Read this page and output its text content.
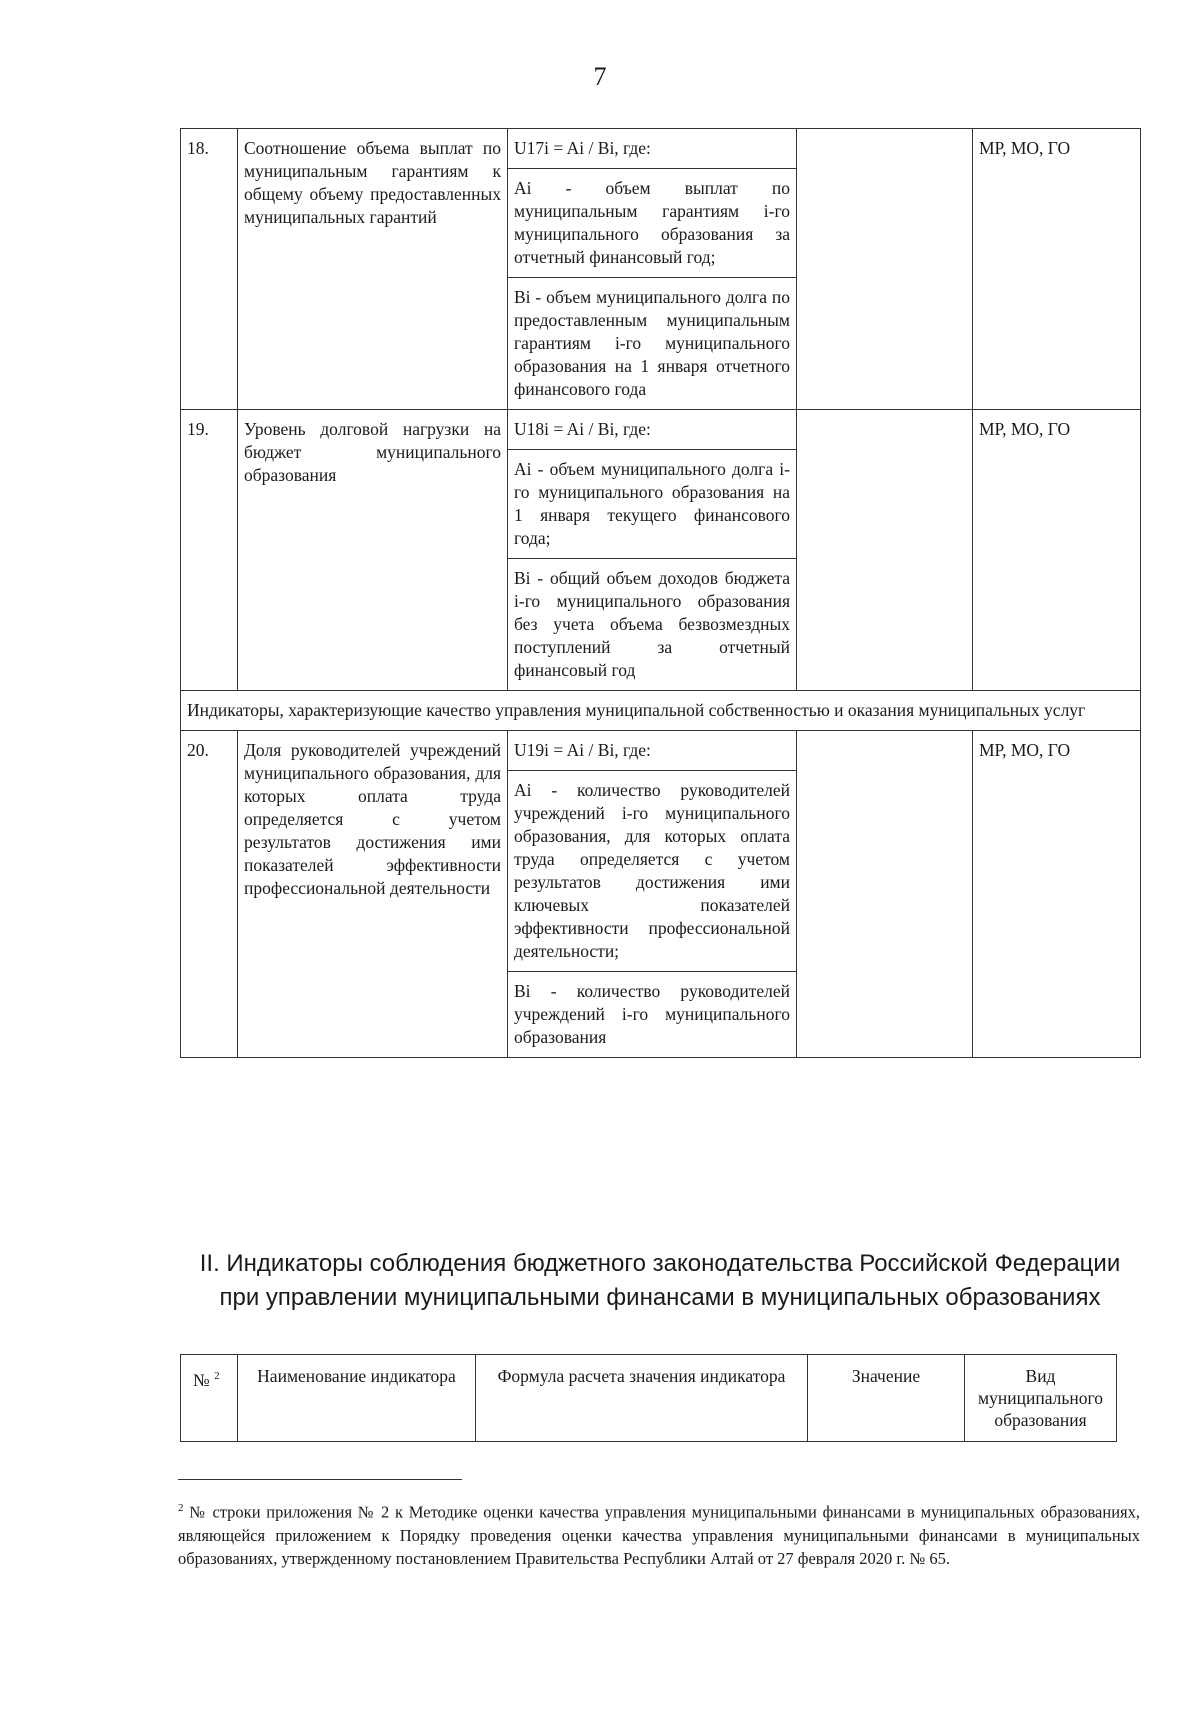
7
18.	Соотношение объема выплат по муниципальным гарантиям к общему объему предоставленных муниципальных гарантий	U17i = Ai / Bi, где:		МР, МО, ГО
		Ai - объем выплат по муниципальным гарантиям i-го муниципального образования за отчетный финансовый год;		
		Bi - объем муниципального долга по предоставленным муниципальным гарантиям i-го муниципального образования на 1 января отчетного финансового года		
19.	Уровень долговой нагрузки на бюджет муниципального образования	U18i = Ai / Bi, где:		МР, МО, ГО
		Ai - объем муниципального долга i-го муниципального образования на 1 января текущего финансового года;		
		Bi - общий объем доходов бюджета i-го муниципального образования без учета объема безвозмездных поступлений за отчетный финансовый год		
Индикаторы, характеризующие качество управления муниципальной собственностью и оказания муниципальных услуг				
20.	Доля руководителей учреждений муниципального образования, для которых оплата труда определяется с учетом результатов достижения ими показателей эффективности профессиональной деятельности	U19i = Ai / Bi, где:		МР, МО, ГО
		Ai - количество руководителей учреждений i-го муниципального образования, для которых оплата труда определяется с учетом результатов достижения ими ключевых показателей эффективности профессиональной деятельности;		
		Bi - количество руководителей учреждений i-го муниципального образования		
II. Индикаторы соблюдения бюджетного законодательства Российской Федерации
при управлении муниципальными финансами в муниципальных образованиях
№ $^2$	Наименование индикатора	Формула расчета значения индикатора	Значение	Вид муниципального образования
$^2$ № строки приложения № 2 к Методике оценки качества управления муниципальными финансами в муниципальных образованиях, являющейся приложением к Порядку проведения оценки качества управления муниципальными финансами в муниципальных образованиях, утвержденному постановлением Правительства Республики Алтай от 27 февраля 2020 г. № 65.
